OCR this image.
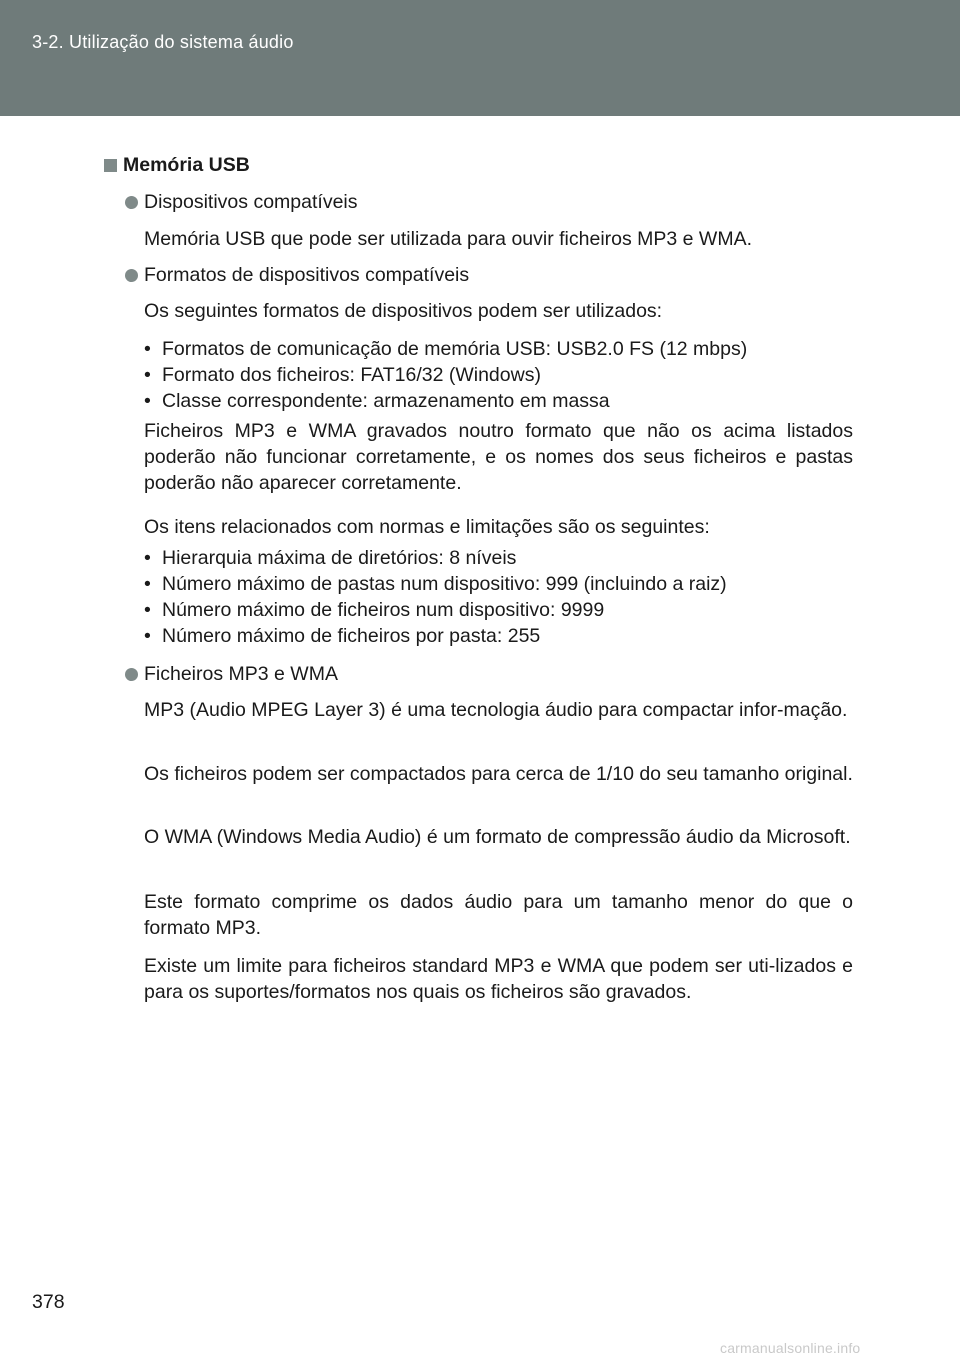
3-2. Utilização do sistema áudio
Memória USB
Dispositivos compatíveis

Memória USB que pode ser utilizada para ouvir ficheiros MP3 e WMA.

Formatos de dispositivos compatíveis

Os seguintes formatos de dispositivos podem ser utilizados:

• Formatos de comunicação de memória USB: USB2.0 FS (12 mbps)
• Formato dos ficheiros: FAT16/32 (Windows)
• Classe correspondente: armazenamento em massa

Ficheiros MP3 e WMA gravados noutro formato que não os acima listados poderão não funcionar corretamente, e os nomes dos seus ficheiros e pastas poderão não aparecer corretamente.

Os itens relacionados com normas e limitações são os seguintes:

• Hierarquia máxima de diretórios: 8 níveis
• Número máximo de pastas num dispositivo: 999 (incluindo a raiz)
• Número máximo de ficheiros num dispositivo: 9999
• Número máximo de ficheiros por pasta: 255
Ficheiros MP3 e WMA

MP3 (Audio MPEG Layer 3) é uma tecnologia áudio para compactar infor-mação.

Os ficheiros podem ser compactados para cerca de 1/10 do seu tamanho original.

O WMA (Windows Media Audio) é um formato de compressão áudio da Microsoft.

Este formato comprime os dados áudio para um tamanho menor do que o formato MP3.

Existe um limite para ficheiros standard MP3 e WMA que podem ser uti-lizados e para os suportes/formatos nos quais os ficheiros são gravados.

378
carmanualsonline.info
